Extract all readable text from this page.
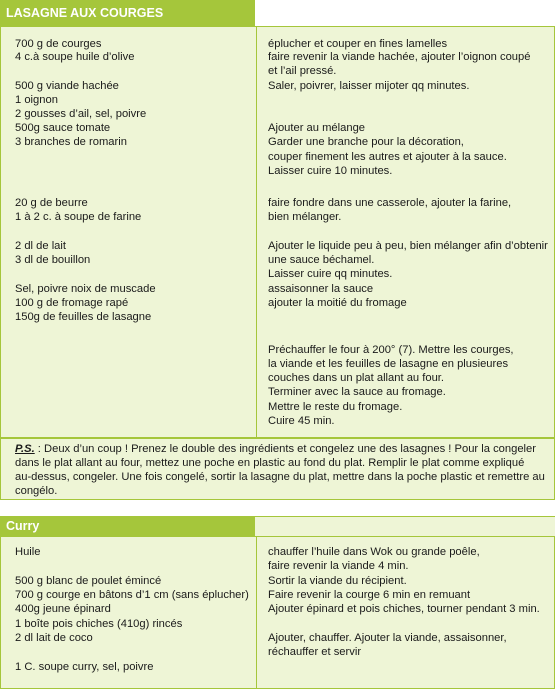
LASAGNE AUX COURGES
Curry
700 g de courges
4 c.à soupe huile d’olive
500 g viande hachée
1 oignon
2 gousses d’ail, sel, poivre
500g sauce tomate
3 branches de romarin
20 g de beurre
1 à 2 c. à soupe de farine
2 dl de lait
3 dl de bouillon
Sel, poivre noix de muscade
100 g de fromage rapé
150g de feuilles de lasagne
éplucher et couper en fines lamelles
faire revenir la viande hachée, ajouter l’oignon coupé
et l’ail pressé.
Saler, poivrer, laisser mijoter qq minutes.
Ajouter au mélange
Garder une branche pour la décoration,
couper finement les autres et ajouter à la sauce.
Laisser cuire 10 minutes.
faire fondre dans une casserole, ajouter la farine,
bien mélanger.
Ajouter le liquide peu à peu, bien mélanger afin d’obtenir
une sauce béchamel.
Laisser cuire qq minutes.
assaisonner la sauce
ajouter la moitié du fromage
Préchauffer le four à 200° (7). Mettre les courges,
la viande et les feuilles de lasagne en plusieures
couches dans un plat allant au four.
Terminer avec la sauce au fromage.
Mettre le reste du fromage.
Cuire 45 min.
P.S. : Deux d’un coup ! Prenez le double des ingrédients et congelez une des lasagnes ! Pour la congeler
dans le plat allant au four, mettez une poche en plastic au fond du plat. Remplir le plat comme expliqué
au-dessus, congeler. Une fois congelé, sortir la lasagne du plat, mettre dans la poche plastic et remettre au
congélo.
Huile
500 g blanc de poulet émincé
700 g courge en bâtons d’1 cm (sans éplucher)
400g jeune épinard
1 boîte pois chiches (410g) rincés
2 dl lait de coco
1 C. soupe curry, sel, poivre
chauffer l’huile dans Wok ou grande poêle,
faire revenir la viande 4 min.
Sortir la viande du récipient.
Faire revenir la courge 6 min en remuant
Ajouter épinard et pois chiches, tourner pendant 3 min.
Ajouter, chauffer. Ajouter la viande, assaisonner,
réchauffer et servir
